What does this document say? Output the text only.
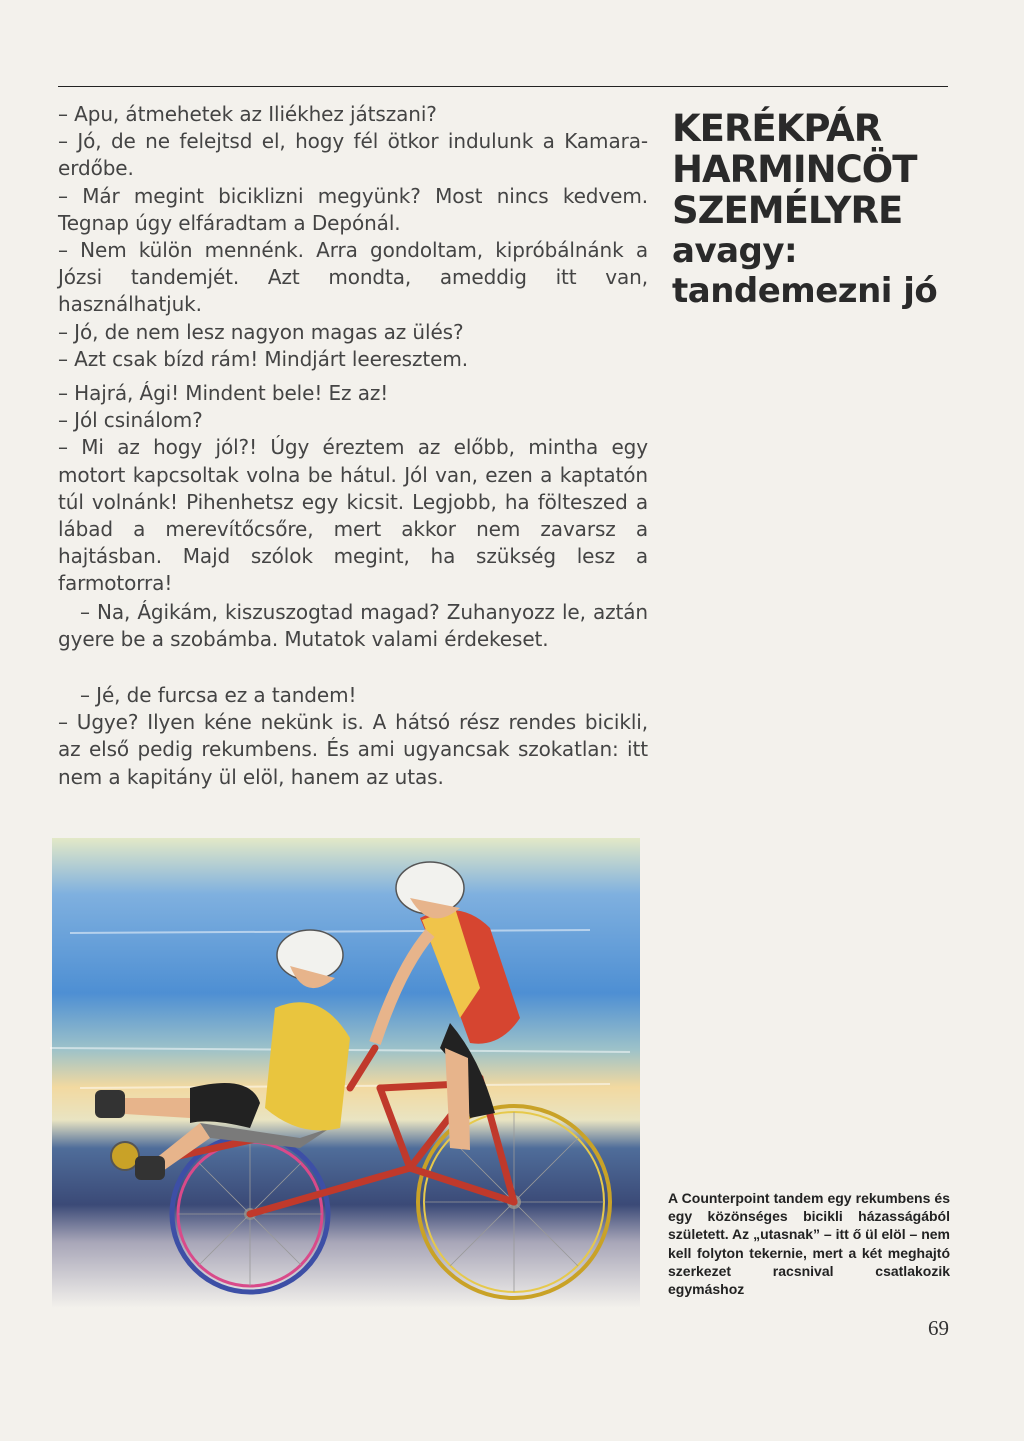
– Apu, átmehetek az Iliékhez játszani?

– Jó, de ne felejtsd el, hogy fél ötkor indulunk a Kamara-erdőbe.

– Már megint biciklizni megyünk? Most nincs kedvem. Tegnap úgy elfáradtam a Depónál.

– Nem külön mennénk. Arra gondoltam, kipróbálnánk a Józsi tandemjét. Azt mondta, ameddig itt van, használhatjuk.

– Jó, de nem lesz nagyon magas az ülés?

– Azt csak bízd rám! Mindjárt leeresztem.

KERÉKPÁR
HARMINCÖT
SZEMÉLYRE
avagy:
tandemezni jó

– Hajrá, Ági! Mindent bele! Ez az!

– Jól csinálom?

– Mi az hogy jól?! Úgy éreztem az előbb, mintha egy motort kapcsoltak volna be hátul. Jól van, ezen a kaptatón túl volnánk! Pihenhetsz egy kicsit. Legjobb, ha fölteszed a lábad a merevítőcsőre, mert akkor nem zavarsz a hajtásban. Majd szólok megint, ha szükség lesz a farmotorra!

– Na, Ágikám, kiszuszogtad magad? Zuhanyozz le, aztán gyere be a szobámba. Mutatok valami érdekeset.

– Jé, de furcsa ez a tandem!

– Ugye? Ilyen kéne nekünk is. A hátsó rész rendes bicikli, az első pedig rekumbens. És ami ugyancsak szokatlan: itt nem a kapitány ül elöl, hanem az utas.

A Counterpoint tandem egy rekumbens és egy közönséges bicikli házasságából született. Az „utasnak” – itt ő ül elöl – nem kell folyton tekernie, mert a két meghajtó szerkezet racsnival csatlakozik egymáshoz

69
